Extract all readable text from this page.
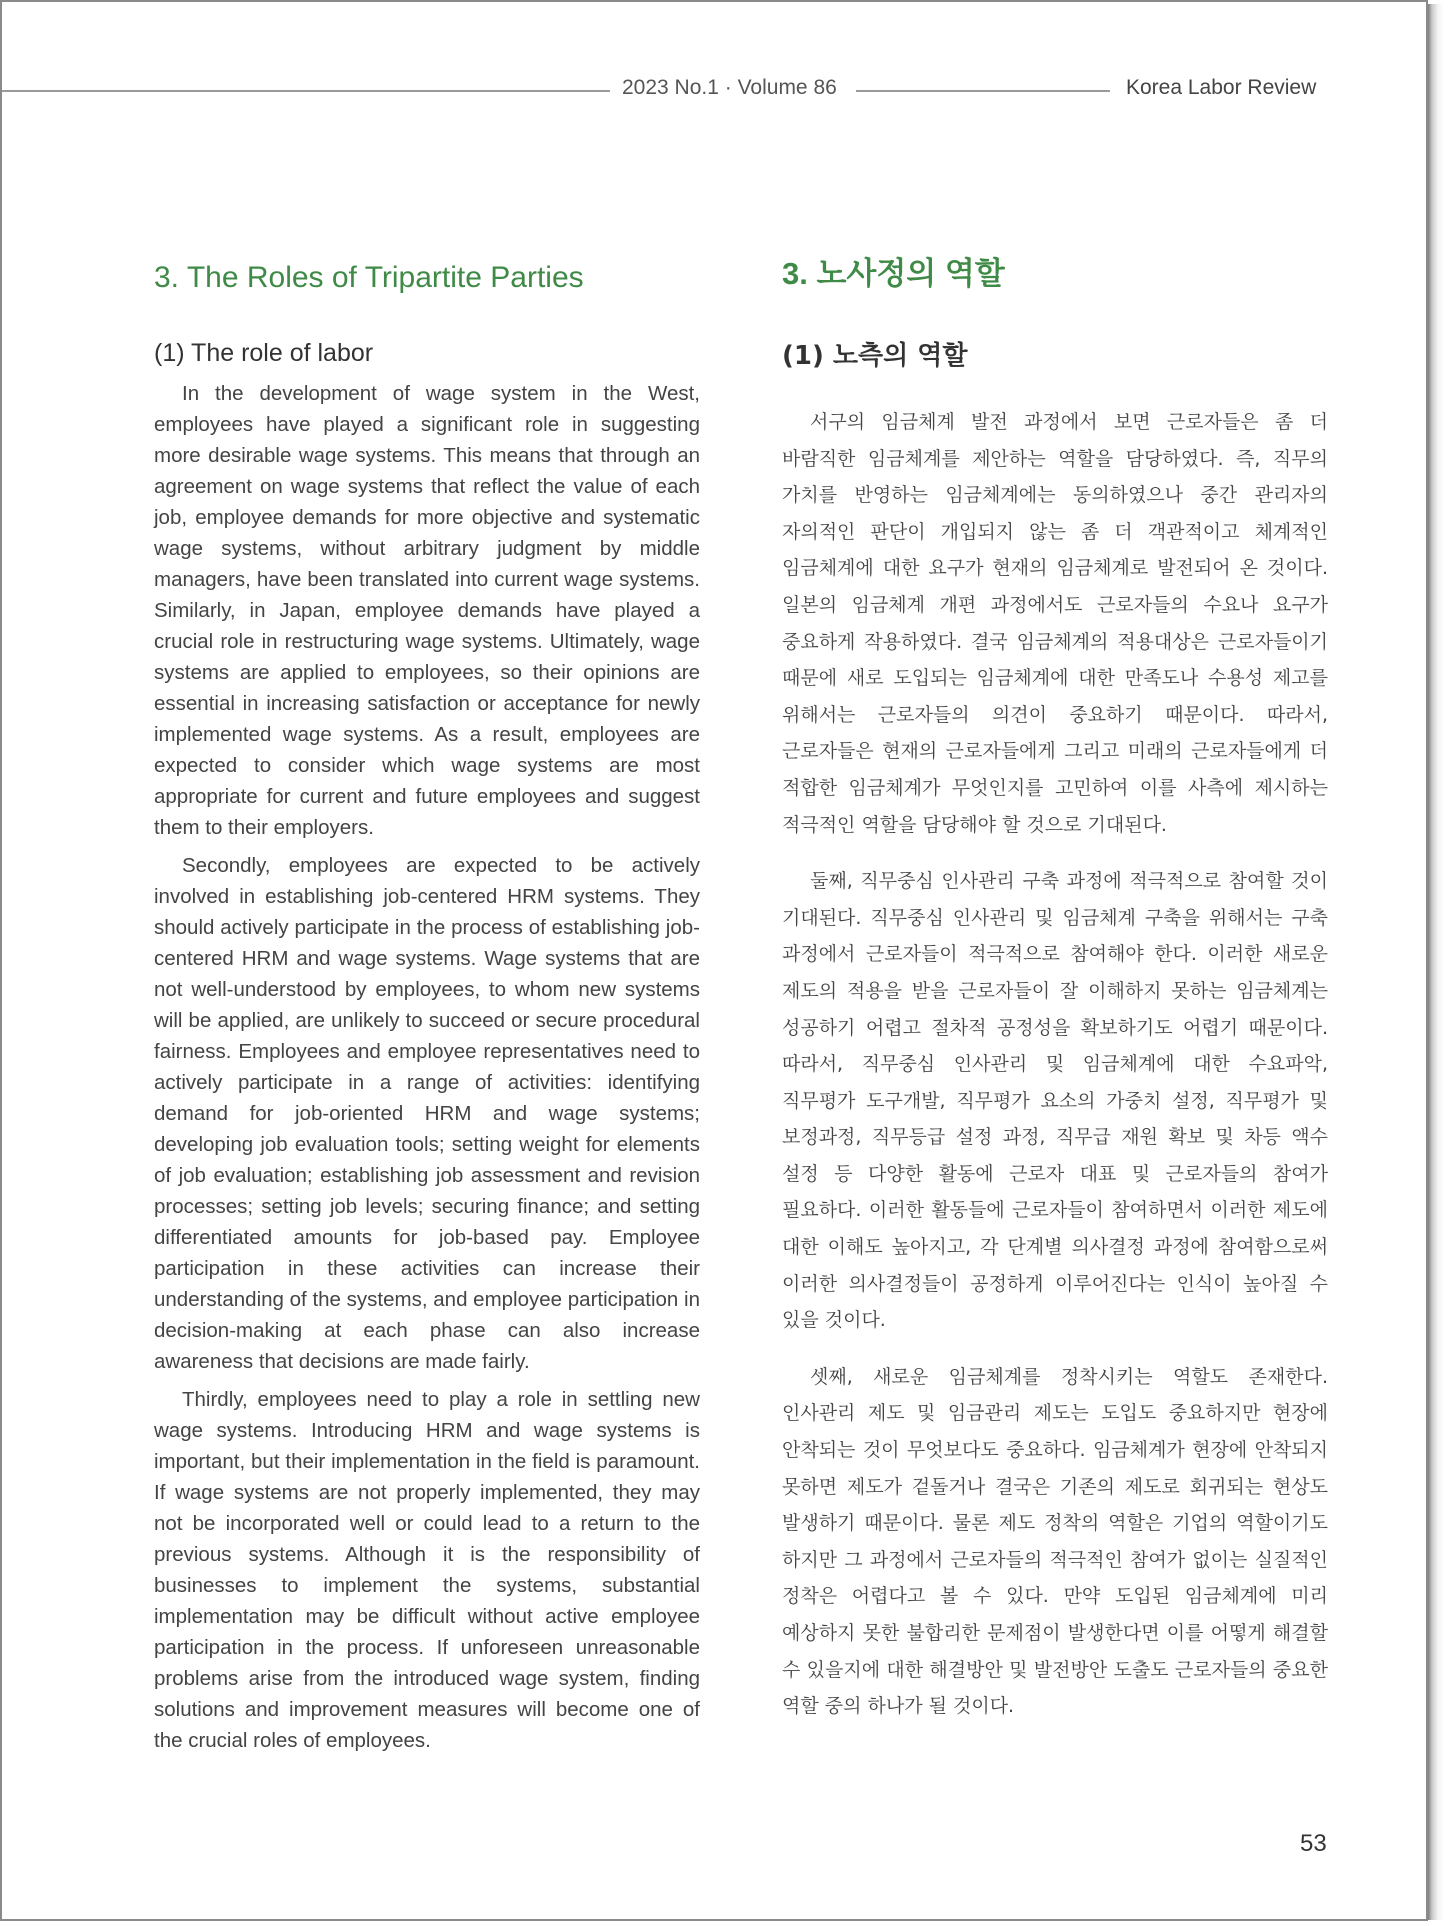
2023 No.1 · Volume 86	Korea Labor Review
3. The Roles of Tripartite Parties
(1) The role of labor

In the development of wage system in the West, employees have played a significant role in suggesting more desirable wage systems. This means that through an agreement on wage systems that reflect the value of each job, employee demands for more objective and systematic wage systems, without arbitrary judgment by middle managers, have been translated into current wage systems. Similarly, in Japan, employee demands have played a crucial role in restructuring wage systems. Ultimately, wage systems are applied to employees, so their opinions are essential in increasing satisfaction or acceptance for newly implemented wage systems. As a result, employees are expected to consider which wage systems are most appropriate for current and future employees and suggest them to their employers.

Secondly, employees are expected to be actively involved in establishing job-centered HRM systems. They should actively participate in the process of establishing job-centered HRM and wage systems. Wage systems that are not well-understood by employees, to whom new systems will be applied, are unlikely to succeed or secure procedural fairness. Employees and employee representatives need to actively participate in a range of activities: identifying demand for job-oriented HRM and wage systems; developing job evaluation tools; setting weight for elements of job evaluation; establishing job assessment and revision processes; setting job levels; securing finance; and setting differentiated amounts for job-based pay. Employee participation in these activities can increase their understanding of the systems, and employee participation in decision-making at each phase can also increase awareness that decisions are made fairly.

Thirdly, employees need to play a role in settling new wage systems. Introducing HRM and wage systems is important, but their implementation in the field is paramount. If wage systems are not properly implemented, they may not be incorporated well or could lead to a return to the previous systems. Although it is the responsibility of businesses to implement the systems, substantial implementation may be difficult without active employee participation in the process. If unforeseen unreasonable problems arise from the introduced wage system, finding solutions and improvement measures will become one of the crucial roles of employees.

3. 노사정의 역할
(1) 노측의 역할

서구의 임금체계 발전 과정에서 보면 근로자들은 좀 더 바람직한 임금체계를 제안하는 역할을 담당하였다. 즉, 직무의 가치를 반영하는 임금체계에는 동의하였으나 중간 관리자의 자의적인 판단이 개입되지 않는 좀 더 객관적이고 체계적인 임금체계에 대한 요구가 현재의 임금체계로 발전되어 온 것이다. 일본의 임금체계 개편 과정에서도 근로자들의 수요나 요구가 중요하게 작용하였다. 결국 임금체계의 적용대상은 근로자들이기 때문에 새로 도입되는 임금체계에 대한 만족도나 수용성 제고를 위해서는 근로자들의 의견이 중요하기 때문이다. 따라서, 근로자들은 현재의 근로자들에게 그리고 미래의 근로자들에게 더 적합한 임금체계가 무엇인지를 고민하여 이를 사측에 제시하는 적극적인 역할을 담당해야 할 것으로 기대된다.

둘째, 직무중심 인사관리 구축 과정에 적극적으로 참여할 것이 기대된다. 직무중심 인사관리 및 임금체계 구축을 위해서는 구축 과정에서 근로자들이 적극적으로 참여해야 한다. 이러한 새로운 제도의 적용을 받을 근로자들이 잘 이해하지 못하는 임금체계는 성공하기 어렵고 절차적 공정성을 확보하기도 어렵기 때문이다. 따라서, 직무중심 인사관리 및 임금체계에 대한 수요파악, 직무평가 도구개발, 직무평가 요소의 가중치 설정, 직무평가 및 보정과정, 직무등급 설정 과정, 직무급 재원 확보 및 차등 액수 설정 등 다양한 활동에 근로자 대표 및 근로자들의 참여가 필요하다. 이러한 활동들에 근로자들이 참여하면서 이러한 제도에 대한 이해도 높아지고, 각 단계별 의사결정 과정에 참여함으로써 이러한 의사결정들이 공정하게 이루어진다는 인식이 높아질 수 있을 것이다.

셋째, 새로운 임금체계를 정착시키는 역할도 존재한다. 인사관리 제도 및 임금관리 제도는 도입도 중요하지만 현장에 안착되는 것이 무엇보다도 중요하다. 임금체계가 현장에 안착되지 못하면 제도가 겉돌거나 결국은 기존의 제도로 회귀되는 현상도 발생하기 때문이다. 물론 제도 정착의 역할은 기업의 역할이기도 하지만 그 과정에서 근로자들의 적극적인 참여가 없이는 실질적인 정착은 어렵다고 볼 수 있다. 만약 도입된 임금체계에 미리 예상하지 못한 불합리한 문제점이 발생한다면 이를 어떻게 해결할 수 있을지에 대한 해결방안 및 발전방안 도출도 근로자들의 중요한 역할 중의 하나가 될 것이다.

53
